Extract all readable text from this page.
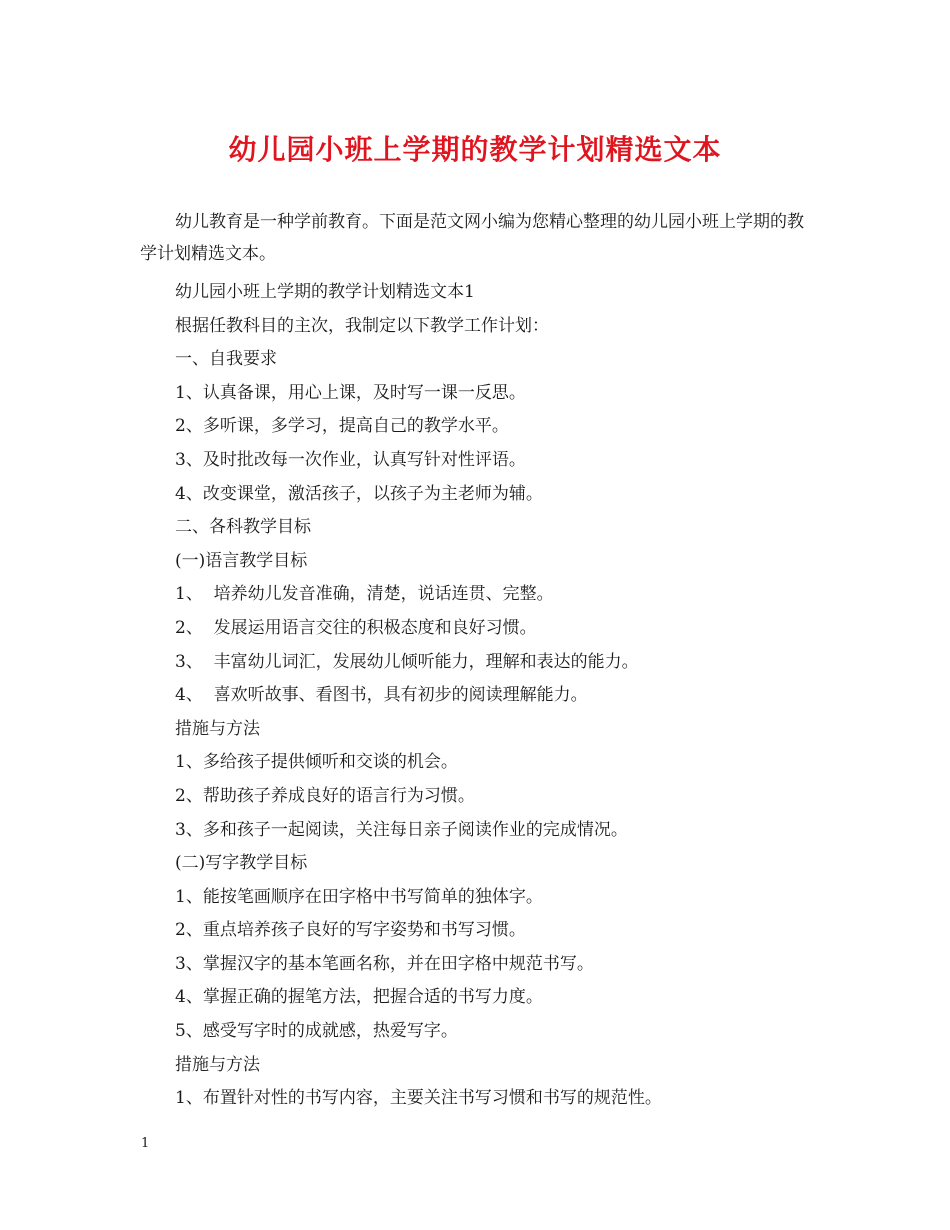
幼儿园小班上学期的教学计划精选文本
幼儿教育是一种学前教育。下面是范文网小编为您精心整理的幼儿园小班上学期的教学计划精选文本。

幼儿园小班上学期的教学计划精选文本1

根据任教科目的主次，我制定以下教学工作计划：

一、自我要求

1、认真备课，用心上课，及时写一课一反思。

2、多听课，多学习，提高自己的教学水平。

3、及时批改每一次作业，认真写针对性评语。

4、改变课堂，激活孩子，以孩子为主老师为辅。

二、各科教学目标

(一)语言教学目标

1、  培养幼儿发音准确，清楚，说话连贯、完整。

2、  发展运用语言交往的积极态度和良好习惯。

3、  丰富幼儿词汇，发展幼儿倾听能力，理解和表达的能力。

4、  喜欢听故事、看图书，具有初步的阅读理解能力。

措施与方法

1、多给孩子提供倾听和交谈的机会。

2、帮助孩子养成良好的语言行为习惯。

3、多和孩子一起阅读，关注每日亲子阅读作业的完成情况。

(二)写字教学目标

1、能按笔画顺序在田字格中书写简单的独体字。

2、重点培养孩子良好的写字姿势和书写习惯。

3、掌握汉字的基本笔画名称，并在田字格中规范书写。

4、掌握正确的握笔方法，把握合适的书写力度。

5、感受写字时的成就感，热爱写字。

措施与方法

1、布置针对性的书写内容，主要关注书写习惯和书写的规范性。

1
